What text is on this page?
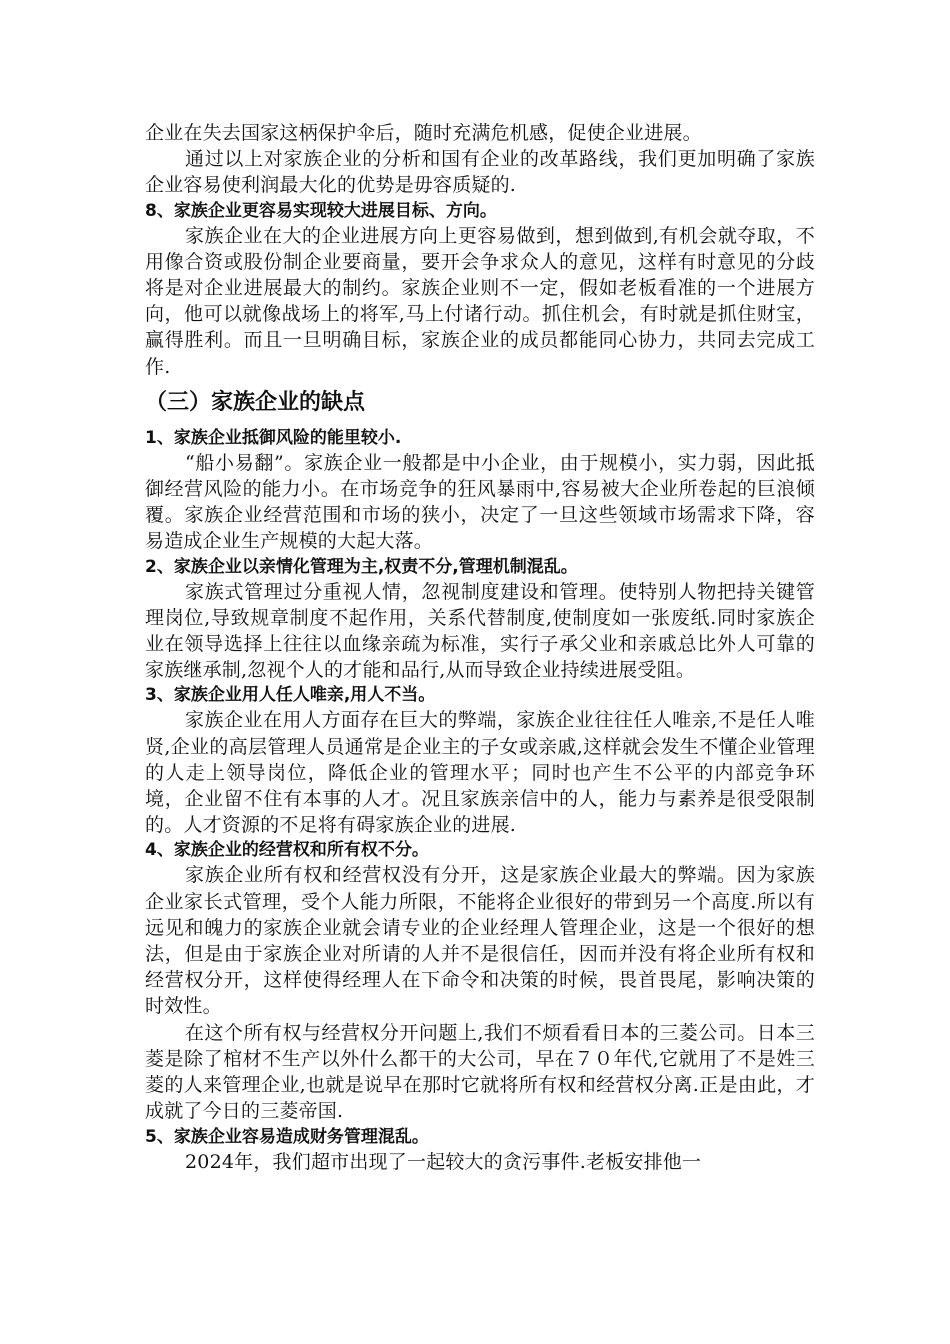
企业在失去国家这柄保护伞后，随时充满危机感，促使企业进展。

通过以上对家族企业的分析和国有企业的改革路线，我们更加明确了家族企业容易使利润最大化的优势是毋容质疑的.

8、家族企业更容易实现较大进展目标、方向。

家族企业在大的企业进展方向上更容易做到，想到做到,有机会就夺取，不用像合资或股份制企业要商量，要开会争求众人的意见，这样有时意见的分歧将是对企业进展最大的制约。家族企业则不一定，假如老板看准的一个进展方向，他可以就像战场上的将军,马上付诸行动。抓住机会，有时就是抓住财宝，赢得胜利。而且一旦明确目标，家族企业的成员都能同心协力，共同去完成工作.

（三）家族企业的缺点
1、家族企业抵御风险的能里较小.

“船小易翻”。家族企业一般都是中小企业，由于规模小，实力弱，因此抵御经营风险的能力小。在市场竞争的狂风暴雨中,容易被大企业所卷起的巨浪倾覆。家族企业经营范围和市场的狭小，决定了一旦这些领域市场需求下降，容易造成企业生产规模的大起大落。

2、家族企业以亲情化管理为主,权责不分,管理机制混乱。

家族式管理过分重视人情，忽视制度建设和管理。使特别人物把持关键管理岗位,导致规章制度不起作用，关系代替制度,使制度如一张废纸.同时家族企业在领导选择上往往以血缘亲疏为标准，实行子承父业和亲戚总比外人可靠的家族继承制,忽视个人的才能和品行,从而导致企业持续进展受阻。

3、家族企业用人任人唯亲,用人不当。

家族企业在用人方面存在巨大的弊端，家族企业往往任人唯亲,不是任人唯贤,企业的高层管理人员通常是企业主的子女或亲戚,这样就会发生不懂企业管理的人走上领导岗位，降低企业的管理水平；同时也产生不公平的内部竞争环境，企业留不住有本事的人才。况且家族亲信中的人，能力与素养是很受限制的。人才资源的不足将有碍家族企业的进展.

4、家族企业的经营权和所有权不分。

家族企业所有权和经营权没有分开，这是家族企业最大的弊端。因为家族企业家长式管理，受个人能力所限，不能将企业很好的带到另一个高度.所以有远见和魄力的家族企业就会请专业的企业经理人管理企业，这是一个很好的想法，但是由于家族企业对所请的人并不是很信任，因而并没有将企业所有权和经营权分开，这样使得经理人在下命令和决策的时候，畏首畏尾，影响决策的时效性。

在这个所有权与经营权分开问题上,我们不烦看看日本的三菱公司。日本三菱是除了棺材不生产以外什么都干的大公司，早在７０年代,它就用了不是姓三菱的人来管理企业,也就是说早在那时它就将所有权和经营权分离.正是由此，才成就了今日的三菱帝国.

5、家族企业容易造成财务管理混乱。

2024年，我们超市出现了一起较大的贪污事件.老板安排他一
